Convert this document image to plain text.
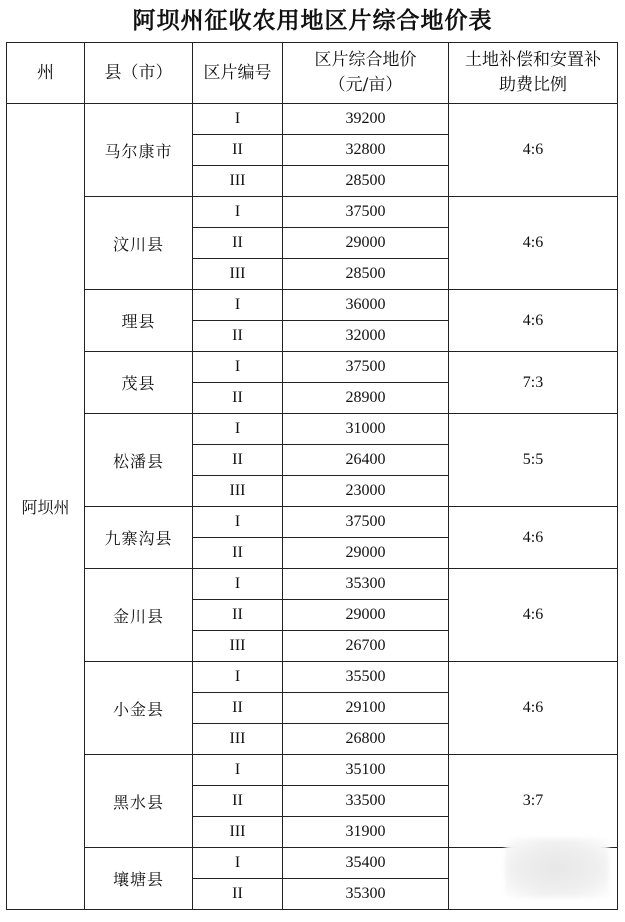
阿坝州征收农用地区片综合地价表
州	县（市）	区片编号	区片综合地价（元/亩）	土地补偿和安置补助费比例
阿坝州	马尔康市	I	39200	4:6
		II	32800	
		III	28500	
	汶川县	I	37500	4:6
		II	29000	
		III	28500	
	理县	I	36000	4:6
		II	32000	
	茂县	I	37500	7:3
		II	28900	
	松潘县	I	31000	5:5
		II	26400	
		III	23000	
	九寨沟县	I	37500	4:6
		II	29000	
	金川县	I	35300	4:6
		II	29000	
		III	26700	
	小金县	I	35500	4:6
		II	29100	
		III	26800	
	黑水县	I	35100	3:7
		II	33500	
		III	31900	
	壤塘县	I	35400	
		II	35300	
